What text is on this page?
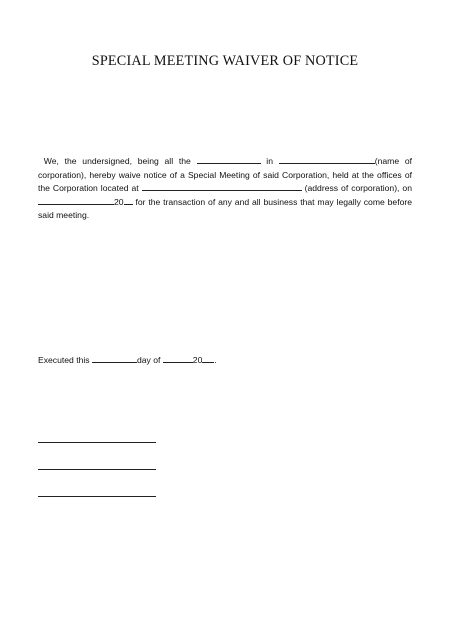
SPECIAL MEETING WAIVER OF NOTICE

We, the undersigned, being all the	in	(name of corporation), hereby waive notice of a Special Meeting of said Corporation, held at the offices of the Corporation located at	(address of corporation), on 20 for the transaction of any and all business that may legally come before said meeting.

Executed this	day of	20 .
